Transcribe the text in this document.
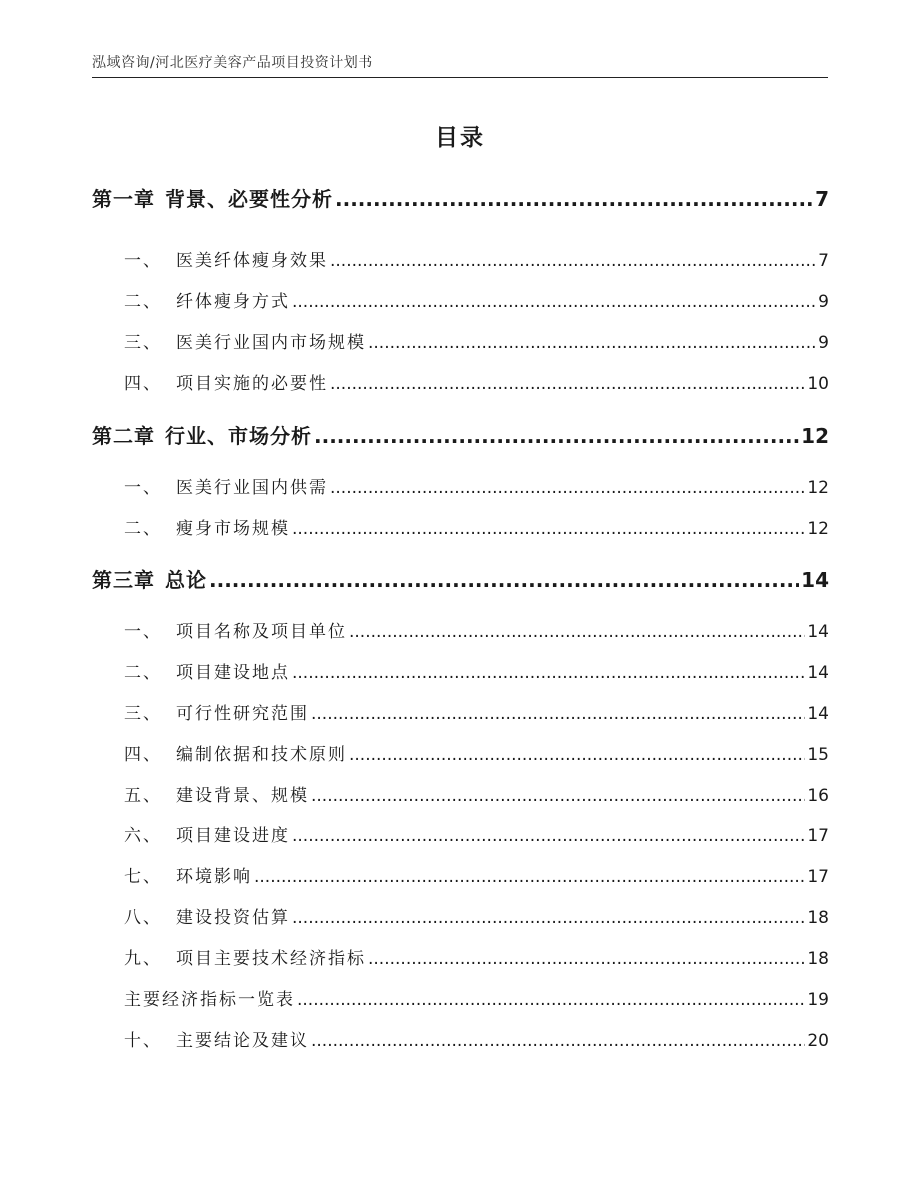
泓域咨询/河北医疗美容产品项目投资计划书
目录
第一章 背景、必要性分析 .....	7
一、 医美纤体瘦身效果 .....	7
二、 纤体瘦身方式 .....	9
三、 医美行业国内市场规模 .....	9
四、 项目实施的必要性 .....	10
第二章 行业、市场分析 .....	12
一、 医美行业国内供需 .....	12
二、 瘦身市场规模 .....	12
第三章 总论 .....	14
一、 项目名称及项目单位 .....	14
二、 项目建设地点 .....	14
三、 可行性研究范围 .....	14
四、 编制依据和技术原则 .....	15
五、 建设背景、规模 .....	16
六、 项目建设进度 .....	17
七、 环境影响 .....	17
八、 建设投资估算 .....	18
九、 项目主要技术经济指标 .....	18
主要经济指标一览表 .....	19
十、 主要结论及建议 .....	20
